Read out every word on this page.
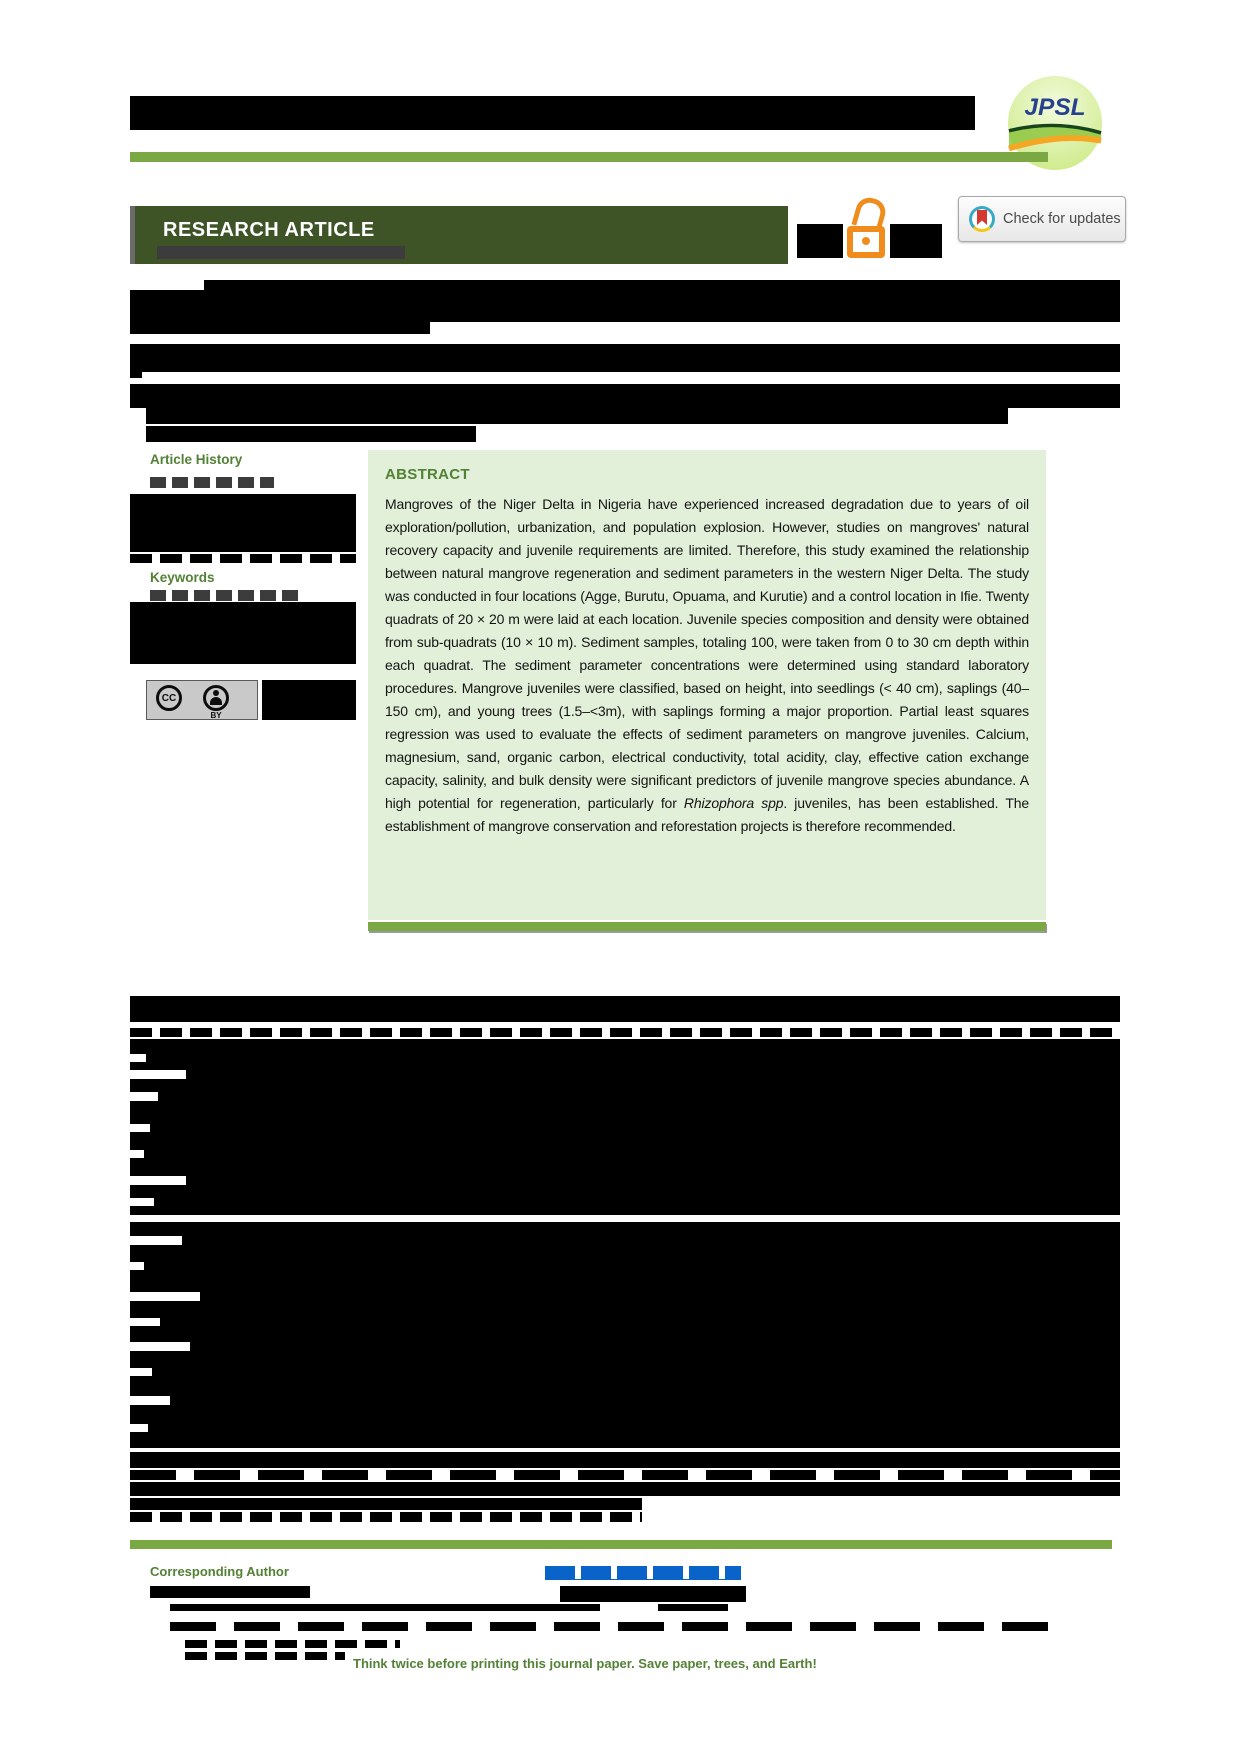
JPSL
RESEARCH ARTICLE	Check for updates
Article History
Keywords
CC
BY
ABSTRACT

Mangroves of the Niger Delta in Nigeria have experienced increased degradation due to years of oil exploration/pollution, urbanization, and population explosion. However, studies on mangroves' natural recovery capacity and juvenile requirements are limited. Therefore, this study examined the relationship between natural mangrove regeneration and sediment parameters in the western Niger Delta. The study was conducted in four locations (Agge, Burutu, Opuama, and Kurutie) and a control location in Ifie. Twenty quadrats of 20 × 20 m were laid at each location. Juvenile species composition and density were obtained from sub-quadrats (10 × 10 m). Sediment samples, totaling 100, were taken from 0 to 30 cm depth within each quadrat. The sediment parameter concentrations were determined using standard laboratory procedures. Mangrove juveniles were classified, based on height, into seedlings (< 40 cm), saplings (40–150 cm), and young trees (1.5–<3m), with saplings forming a major proportion. Partial least squares regression was used to evaluate the effects of sediment parameters on mangrove juveniles. Calcium, magnesium, sand, organic carbon, electrical conductivity, total acidity, clay, effective cation exchange capacity, salinity, and bulk density were significant predictors of juvenile mangrove species abundance. A high potential for regeneration, particularly for Rhizophora spp. juveniles, has been established. The establishment of mangrove conservation and reforestation projects is therefore recommended.

Corresponding Author
Think twice before printing this journal paper. Save paper, trees, and Earth!
